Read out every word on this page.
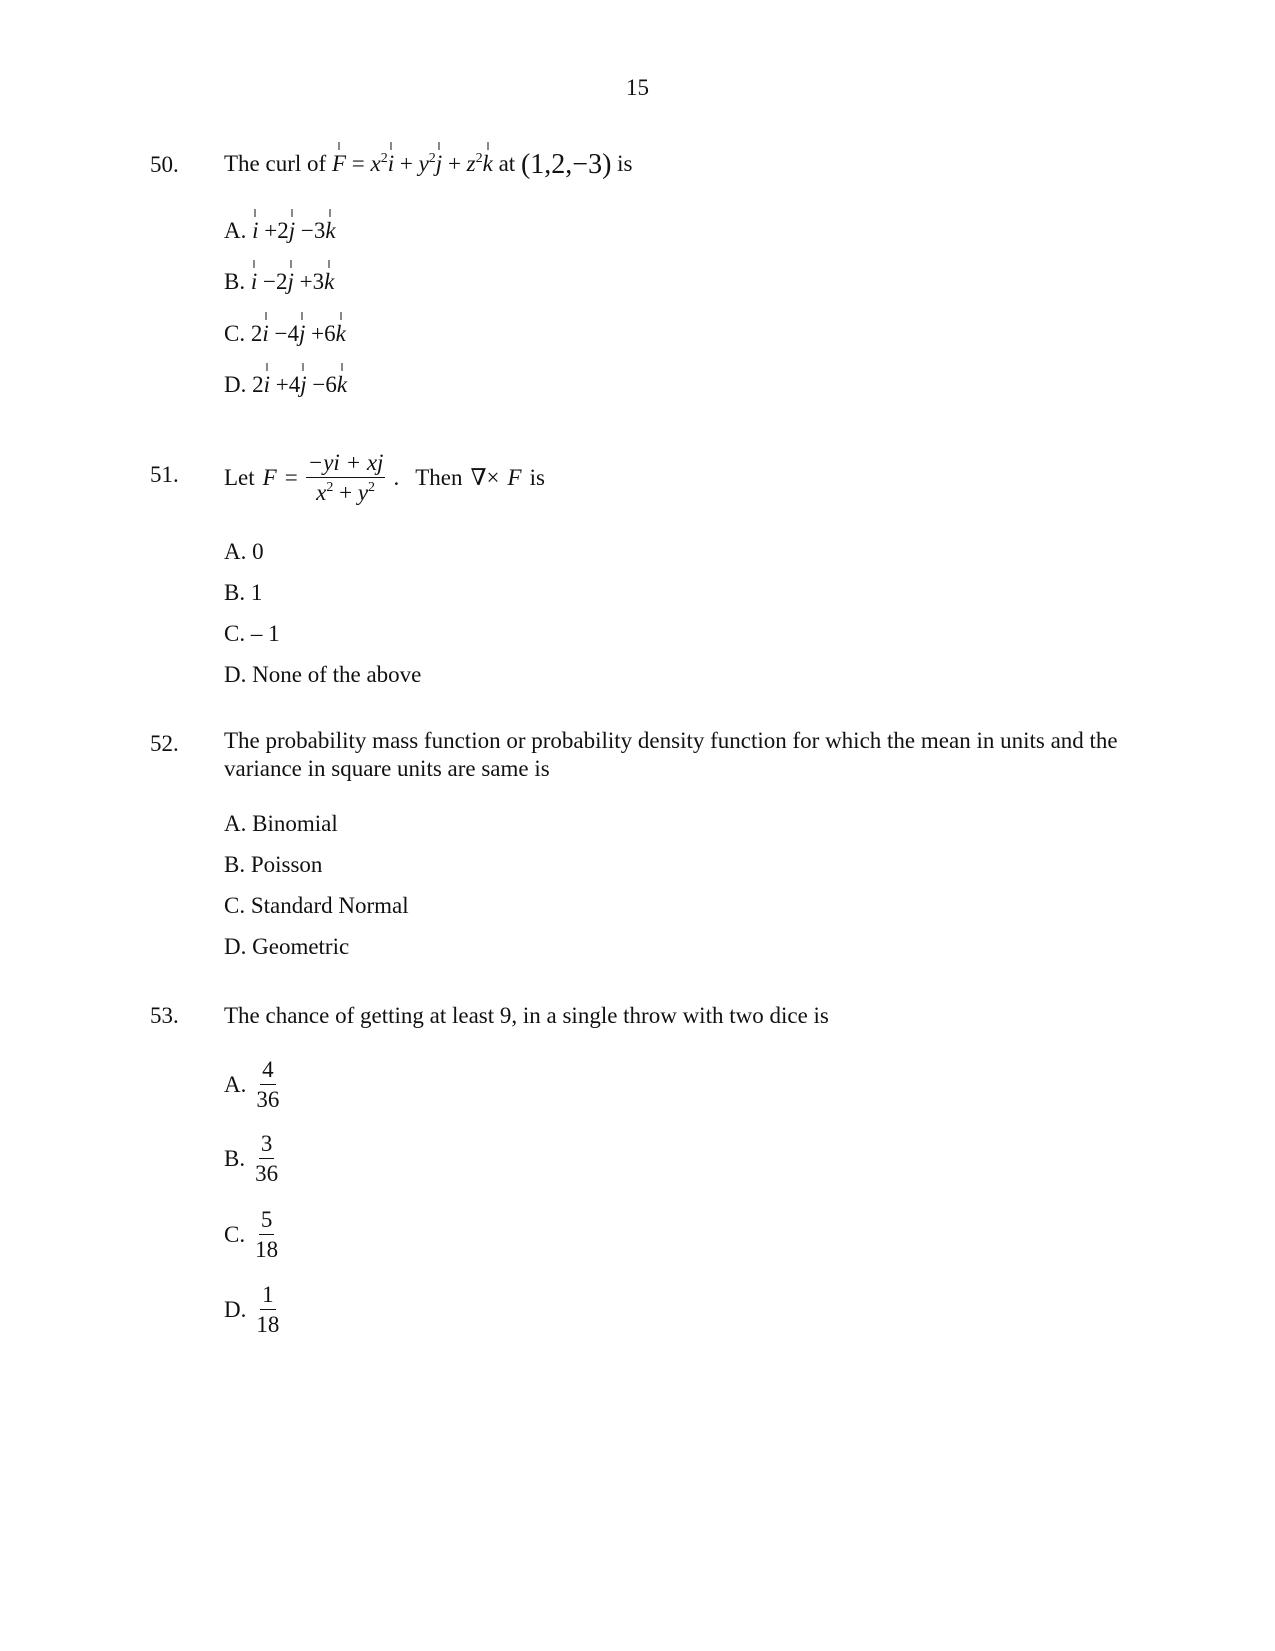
15
50. The curl of $F = x^2i + y^2j + z^2k$ at (1,2,−3) is
A. i +2j −3k
B. i −2j +3k
C. 2i −4j +6k
D. 2i +4j −6k
51. Let $F = \frac{-yi + xj}{x^2 + y^2}$ . Then ∇× F is
A. 0
B. 1
C. – 1
D. None of the above
52. The probability mass function or probability density function for which the mean in units and the variance in square units are same is
A. Binomial
B. Poisson
C. Standard Normal
D. Geometric
53. The chance of getting at least 9, in a single throw with two dice is
A. $\frac{4}{36}$
B. $\frac{3}{36}$
C. $\frac{5}{18}$
D. $\frac{1}{18}$
